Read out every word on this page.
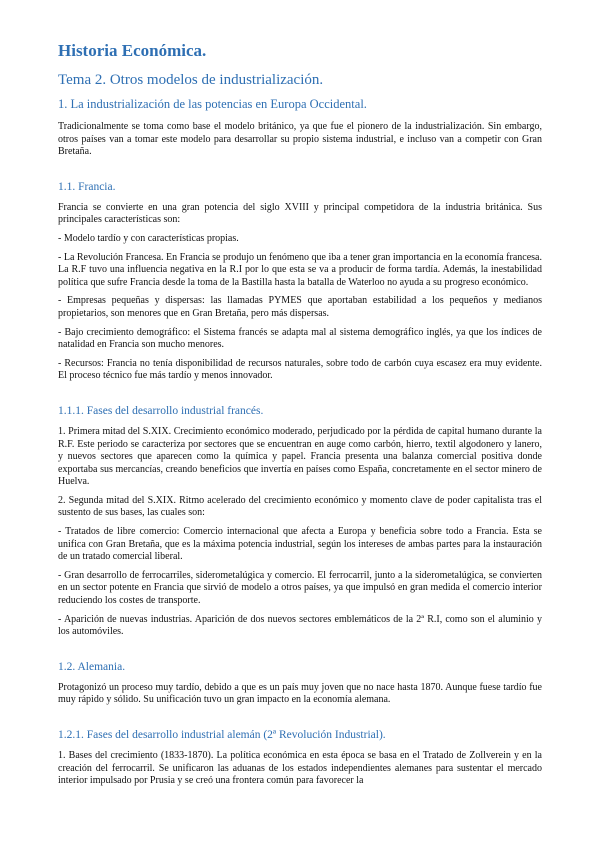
Historia Económica.
Tema 2. Otros modelos de industrialización.
1. La industrialización de las potencias en Europa Occidental.

Tradicionalmente se toma como base el modelo británico, ya que fue el pionero de la industrialización. Sin embargo, otros países van a tomar este modelo para desarrollar su propio sistema industrial, e incluso van a competir con Gran Bretaña.

1.1. Francia.

Francia se convierte en una gran potencia del siglo XVIII y principal competidora de la industria británica. Sus principales características son:

- Modelo tardío y con características propias.

- La Revolución Francesa. En Francia se produjo un fenómeno que iba a tener gran importancia en la economía francesa. La R.F tuvo una influencia negativa en la R.I por lo que esta se va a producir de forma tardía. Además, la inestabilidad política que sufre Francia desde la toma de la Bastilla hasta la batalla de Waterloo no ayuda a su progreso económico.

- Empresas pequeñas y dispersas: las llamadas PYMES que aportaban estabilidad a los pequeños y medianos propietarios, son menores que en Gran Bretaña, pero más dispersas.

- Bajo crecimiento demográfico: el Sistema francés se adapta mal al sistema demográfico inglés, ya que los índices de natalidad en Francia son mucho menores.

- Recursos: Francia no tenía disponibilidad de recursos naturales, sobre todo de carbón cuya escasez era muy evidente. El proceso técnico fue más tardío y menos innovador.

1.1.1. Fases del desarrollo industrial francés.

1. Primera mitad del S.XIX. Crecimiento económico moderado, perjudicado por la pérdida de capital humano durante la R.F. Este periodo se caracteriza por sectores que se encuentran en auge como carbón, hierro, textil algodonero y lanero, y nuevos sectores que aparecen como la química y papel. Francia presenta una balanza comercial positiva donde exportaba sus mercancías, creando beneficios que invertía en países como España, concretamente en el sector minero de Huelva.

2. Segunda mitad del S.XIX. Ritmo acelerado del crecimiento económico y momento clave de poder capitalista tras el sustento de sus bases, las cuales son:

- Tratados de libre comercio: Comercio internacional que afecta a Europa y beneficia sobre todo a Francia. Esta se unifica con Gran Bretaña, que es la máxima potencia industrial, según los intereses de ambas partes para la instauración de un tratado comercial liberal.

- Gran desarrollo de ferrocarriles, siderometalúgica y comercio. El ferrocarril, junto a la siderometalúgica, se convierten en un sector potente en Francia que sirvió de modelo a otros países, ya que impulsó en gran medida el comercio interior reduciendo los costes de transporte.

- Aparición de nuevas industrias. Aparición de dos nuevos sectores emblemáticos de la 2ª R.I, como son el aluminio y los automóviles.

1.2. Alemania.

Protagonizó un proceso muy tardío, debido a que es un país muy joven que no nace hasta 1870. Aunque fuese tardío fue muy rápido y sólido. Su unificación tuvo un gran impacto en la economía alemana.

1.2.1. Fases del desarrollo industrial alemán (2ª Revolución Industrial).

1. Bases del crecimiento (1833-1870). La política económica en esta época se basa en el Tratado de Zollverein y en la creación del ferrocarril. Se unificaron las aduanas de los estados independientes alemanes para sustentar el mercado interior impulsado por Prusia y se creó una frontera común para favorecer la
